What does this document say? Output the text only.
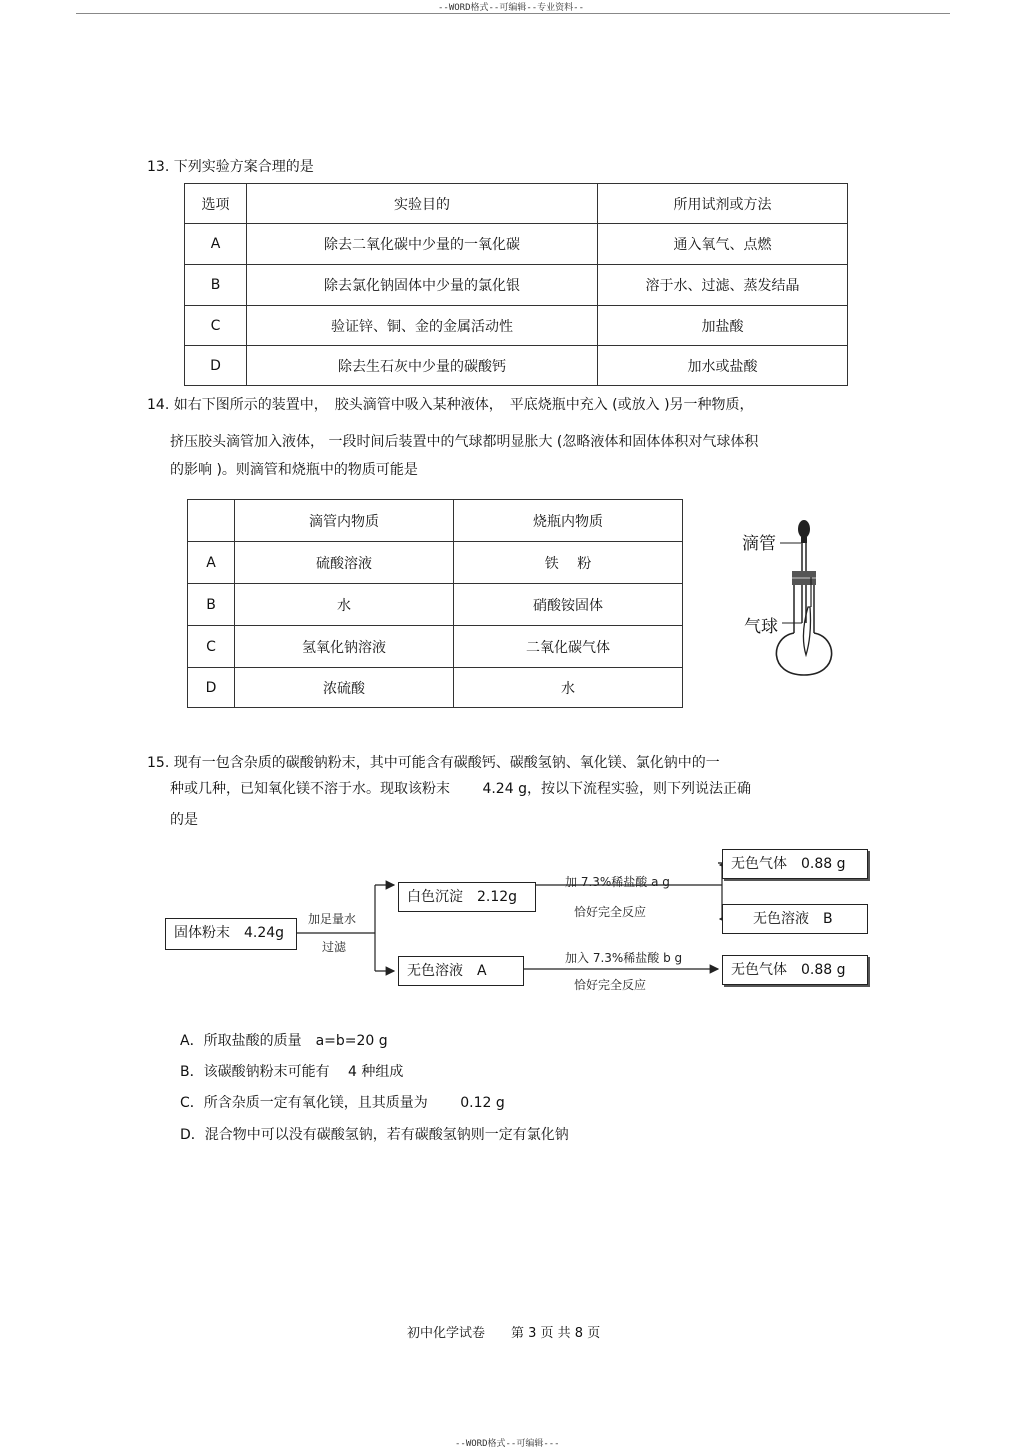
--WORD格式--可编辑--专业资料--
13. 下列实验方案合理的是
选项	实验目的	所用试剂或方法
A	除去二氧化碳中少量的一氧化碳	通入氧气、点燃
B	除去氯化钠固体中少量的氯化银	溶于水、过滤、蒸发结晶
C	验证锌、铜、金的金属活动性	加盐酸
D	除去生石灰中少量的碳酸钙	加水或盐酸
14. 如右下图所示的装置中，　胶头滴管中吸入某种液体，　平底烧瓶中充入 (或放入 )另一种物质，
挤压胶头滴管加入液体， 一段时间后装置中的气球都明显胀大 (忽略液体和固体体积对气球体积
的影响 )。则滴管和烧瓶中的物质可能是
	滴管内物质	烧瓶内物质
A	硫酸溶液	铁　 粉
B	水	硝酸铵固体
C	氢氧化钠溶液	二氧化碳气体
D	浓硫酸	水
滴管
气球
15. 现有一包含杂质的碳酸钠粉末，其中可能含有碳酸钙、碳酸氢钠、氧化镁、氯化钠中的一
种或几种，已知氧化镁不溶于水。现取该粉末　　 4.24 g，按以下流程实验，则下列说法正确
的是
固体粉末　4.24g
加足量水
过滤
白色沉淀　2.12g
无色溶液　A
加 7.3%稀盐酸 a g
恰好完全反应
加入 7.3%稀盐酸 b g
恰好完全反应
无色气体　0.88 g
无色溶液　B
无色气体　0.88 g
A．所取盐酸的质量　a=b=20 g
B．该碳酸钠粉末可能有　 4 种组成
C．所含杂质一定有氧化镁，且其质量为　　 0.12 g
D．混合物中可以没有碳酸氢钠，若有碳酸氢钠则一定有氯化钠
初中化学试卷　　第 3 页 共 8 页
--WORD格式--可编辑---
